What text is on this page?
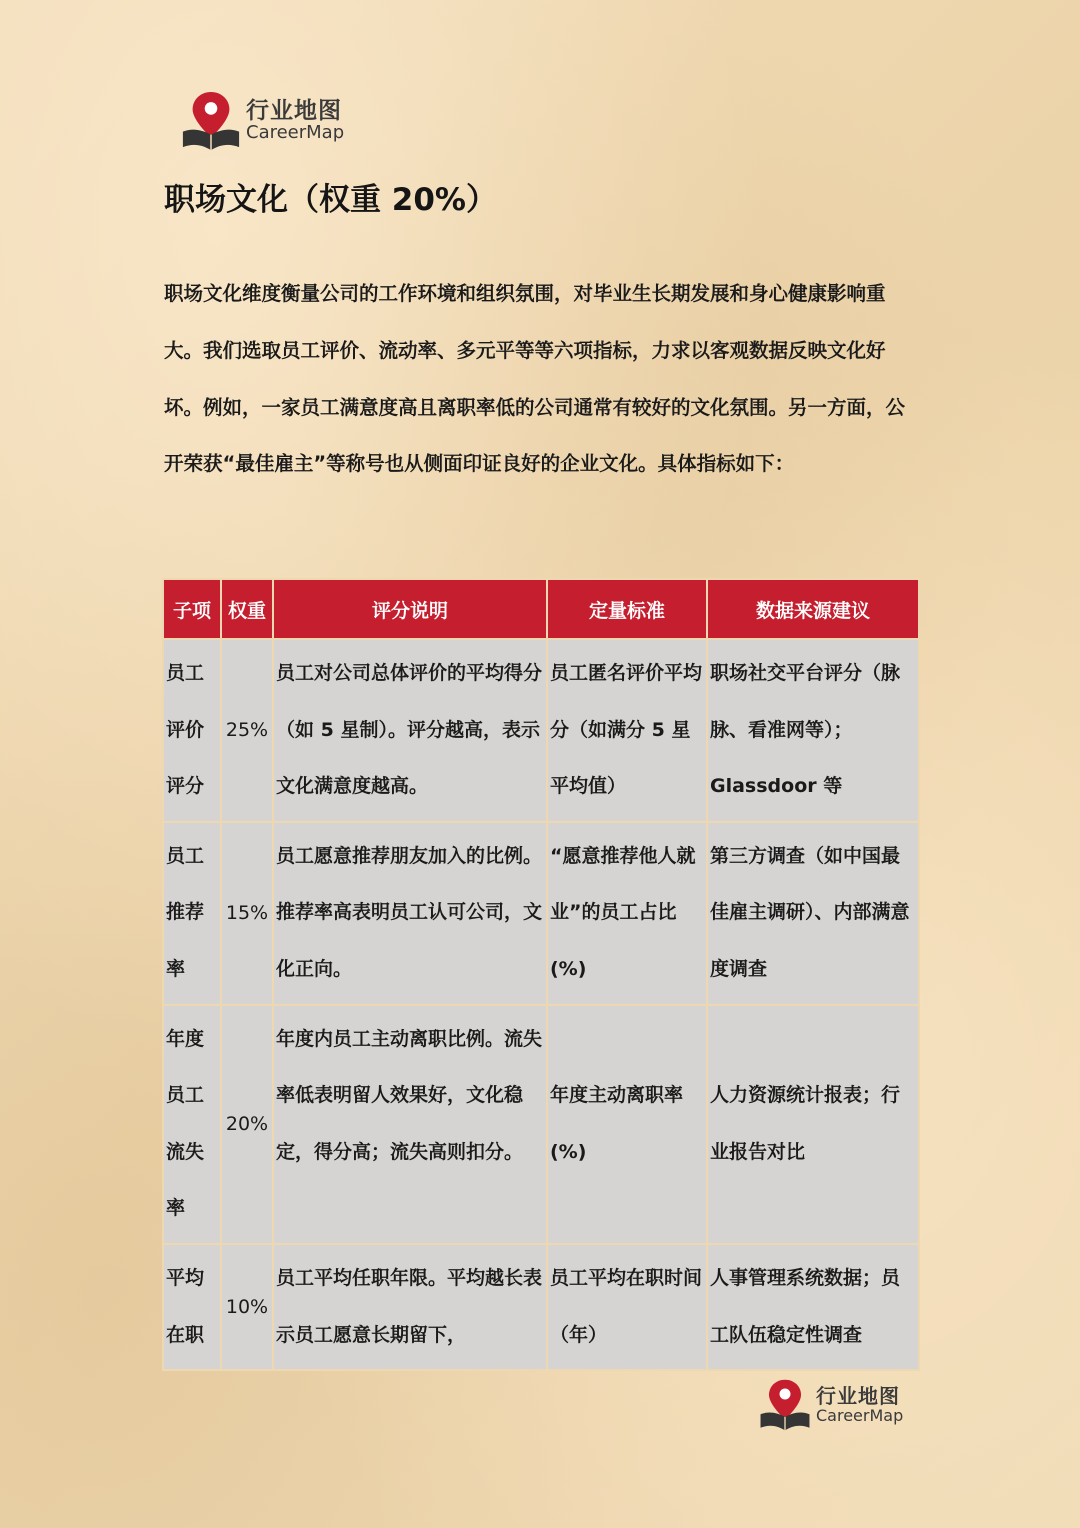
行业地图
CareerMap
职场文化（权重 20%）

职场文化维度衡量公司的工作环境和组织氛围，对毕业生长期发展和身心健康影响重大。我们选取员工评价、流动率、多元平等等六项指标，力求以客观数据反映文化好坏。例如，一家员工满意度高且离职率低的公司通常有较好的文化氛围。另一方面，公开荣获“最佳雇主”等称号也从侧面印证良好的企业文化。具体指标如下：

子项	权重	评分说明	定量标准	数据来源建议
员工评价评分	25%	员工对公司总体评价的平均得分（如 5 星制）。评分越高，表示文化满意度越高。	员工匿名评价平均分（如满分 5 星平均值）	职场社交平台评分（脉脉、看准网等）；Glassdoor 等
员工推荐率	15%	员工愿意推荐朋友加入的比例。推荐率高表明员工认可公司，文化正向。	“愿意推荐他人就业”的员工占比(%)	第三方调查（如中国最佳雇主调研）、内部满意度调查
年度员工流失率	20%	年度内员工主动离职比例。流失率低表明留人效果好，文化稳定，得分高；流失高则扣分。	年度主动离职率(%)	人力资源统计报表；行业报告对比
平均在职	10%	员工平均任职年限。平均越长表示员工愿意长期留下，	员工平均在职时间（年）	人事管理系统数据；员工队伍稳定性调查
行业地图
CareerMap
